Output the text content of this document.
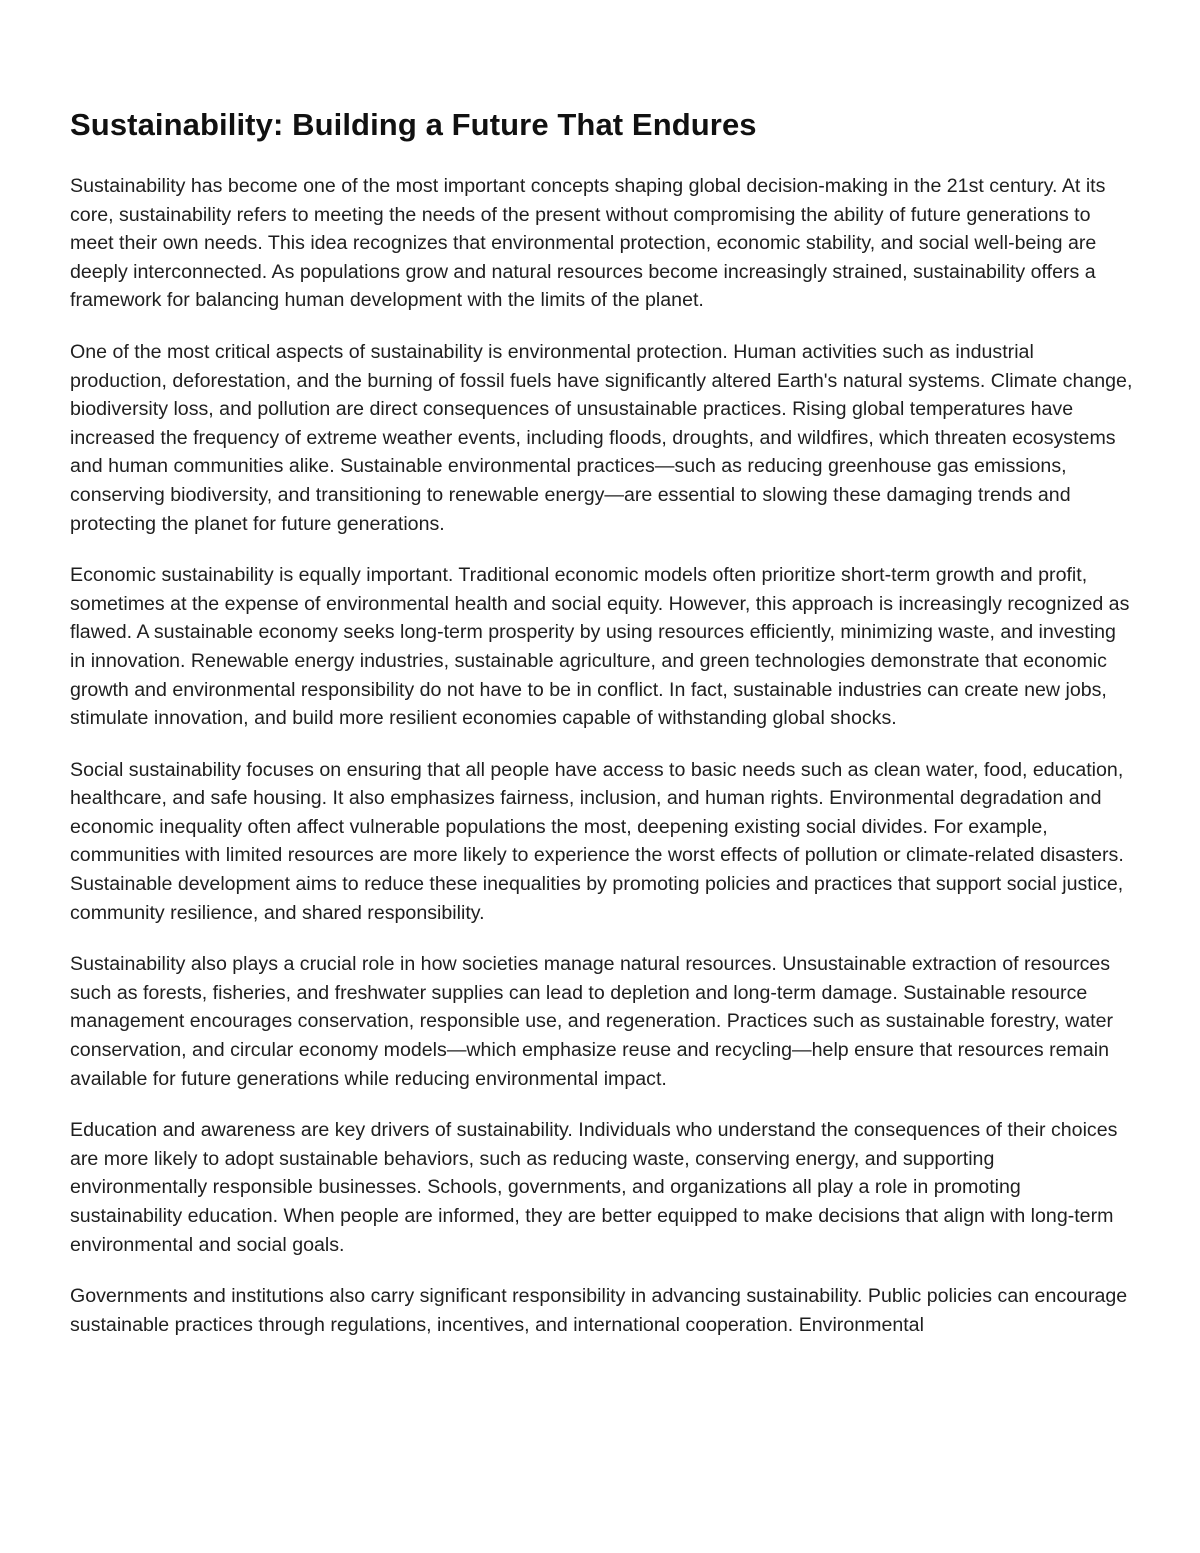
Sustainability: Building a Future That Endures

Sustainability has become one of the most important concepts shaping global decision-making in the 21st century. At its core, sustainability refers to meeting the needs of the present without compromising the ability of future generations to meet their own needs. This idea recognizes that environmental protection, economic stability, and social well-being are deeply interconnected. As populations grow and natural resources become increasingly strained, sustainability offers a framework for balancing human development with the limits of the planet.

One of the most critical aspects of sustainability is environmental protection. Human activities such as industrial production, deforestation, and the burning of fossil fuels have significantly altered Earth's natural systems. Climate change, biodiversity loss, and pollution are direct consequences of unsustainable practices. Rising global temperatures have increased the frequency of extreme weather events, including floods, droughts, and wildfires, which threaten ecosystems and human communities alike. Sustainable environmental practices—such as reducing greenhouse gas emissions, conserving biodiversity, and transitioning to renewable energy—are essential to slowing these damaging trends and protecting the planet for future generations.

Economic sustainability is equally important. Traditional economic models often prioritize short-term growth and profit, sometimes at the expense of environmental health and social equity. However, this approach is increasingly recognized as flawed. A sustainable economy seeks long-term prosperity by using resources efficiently, minimizing waste, and investing in innovation. Renewable energy industries, sustainable agriculture, and green technologies demonstrate that economic growth and environmental responsibility do not have to be in conflict. In fact, sustainable industries can create new jobs, stimulate innovation, and build more resilient economies capable of withstanding global shocks.

Social sustainability focuses on ensuring that all people have access to basic needs such as clean water, food, education, healthcare, and safe housing. It also emphasizes fairness, inclusion, and human rights. Environmental degradation and economic inequality often affect vulnerable populations the most, deepening existing social divides. For example, communities with limited resources are more likely to experience the worst effects of pollution or climate-related disasters. Sustainable development aims to reduce these inequalities by promoting policies and practices that support social justice, community resilience, and shared responsibility.

Sustainability also plays a crucial role in how societies manage natural resources. Unsustainable extraction of resources such as forests, fisheries, and freshwater supplies can lead to depletion and long-term damage. Sustainable resource management encourages conservation, responsible use, and regeneration. Practices such as sustainable forestry, water conservation, and circular economy models—which emphasize reuse and recycling—help ensure that resources remain available for future generations while reducing environmental impact.

Education and awareness are key drivers of sustainability. Individuals who understand the consequences of their choices are more likely to adopt sustainable behaviors, such as reducing waste, conserving energy, and supporting environmentally responsible businesses. Schools, governments, and organizations all play a role in promoting sustainability education. When people are informed, they are better equipped to make decisions that align with long-term environmental and social goals.

Governments and institutions also carry significant responsibility in advancing sustainability. Public policies can encourage sustainable practices through regulations, incentives, and international cooperation. Environmental
